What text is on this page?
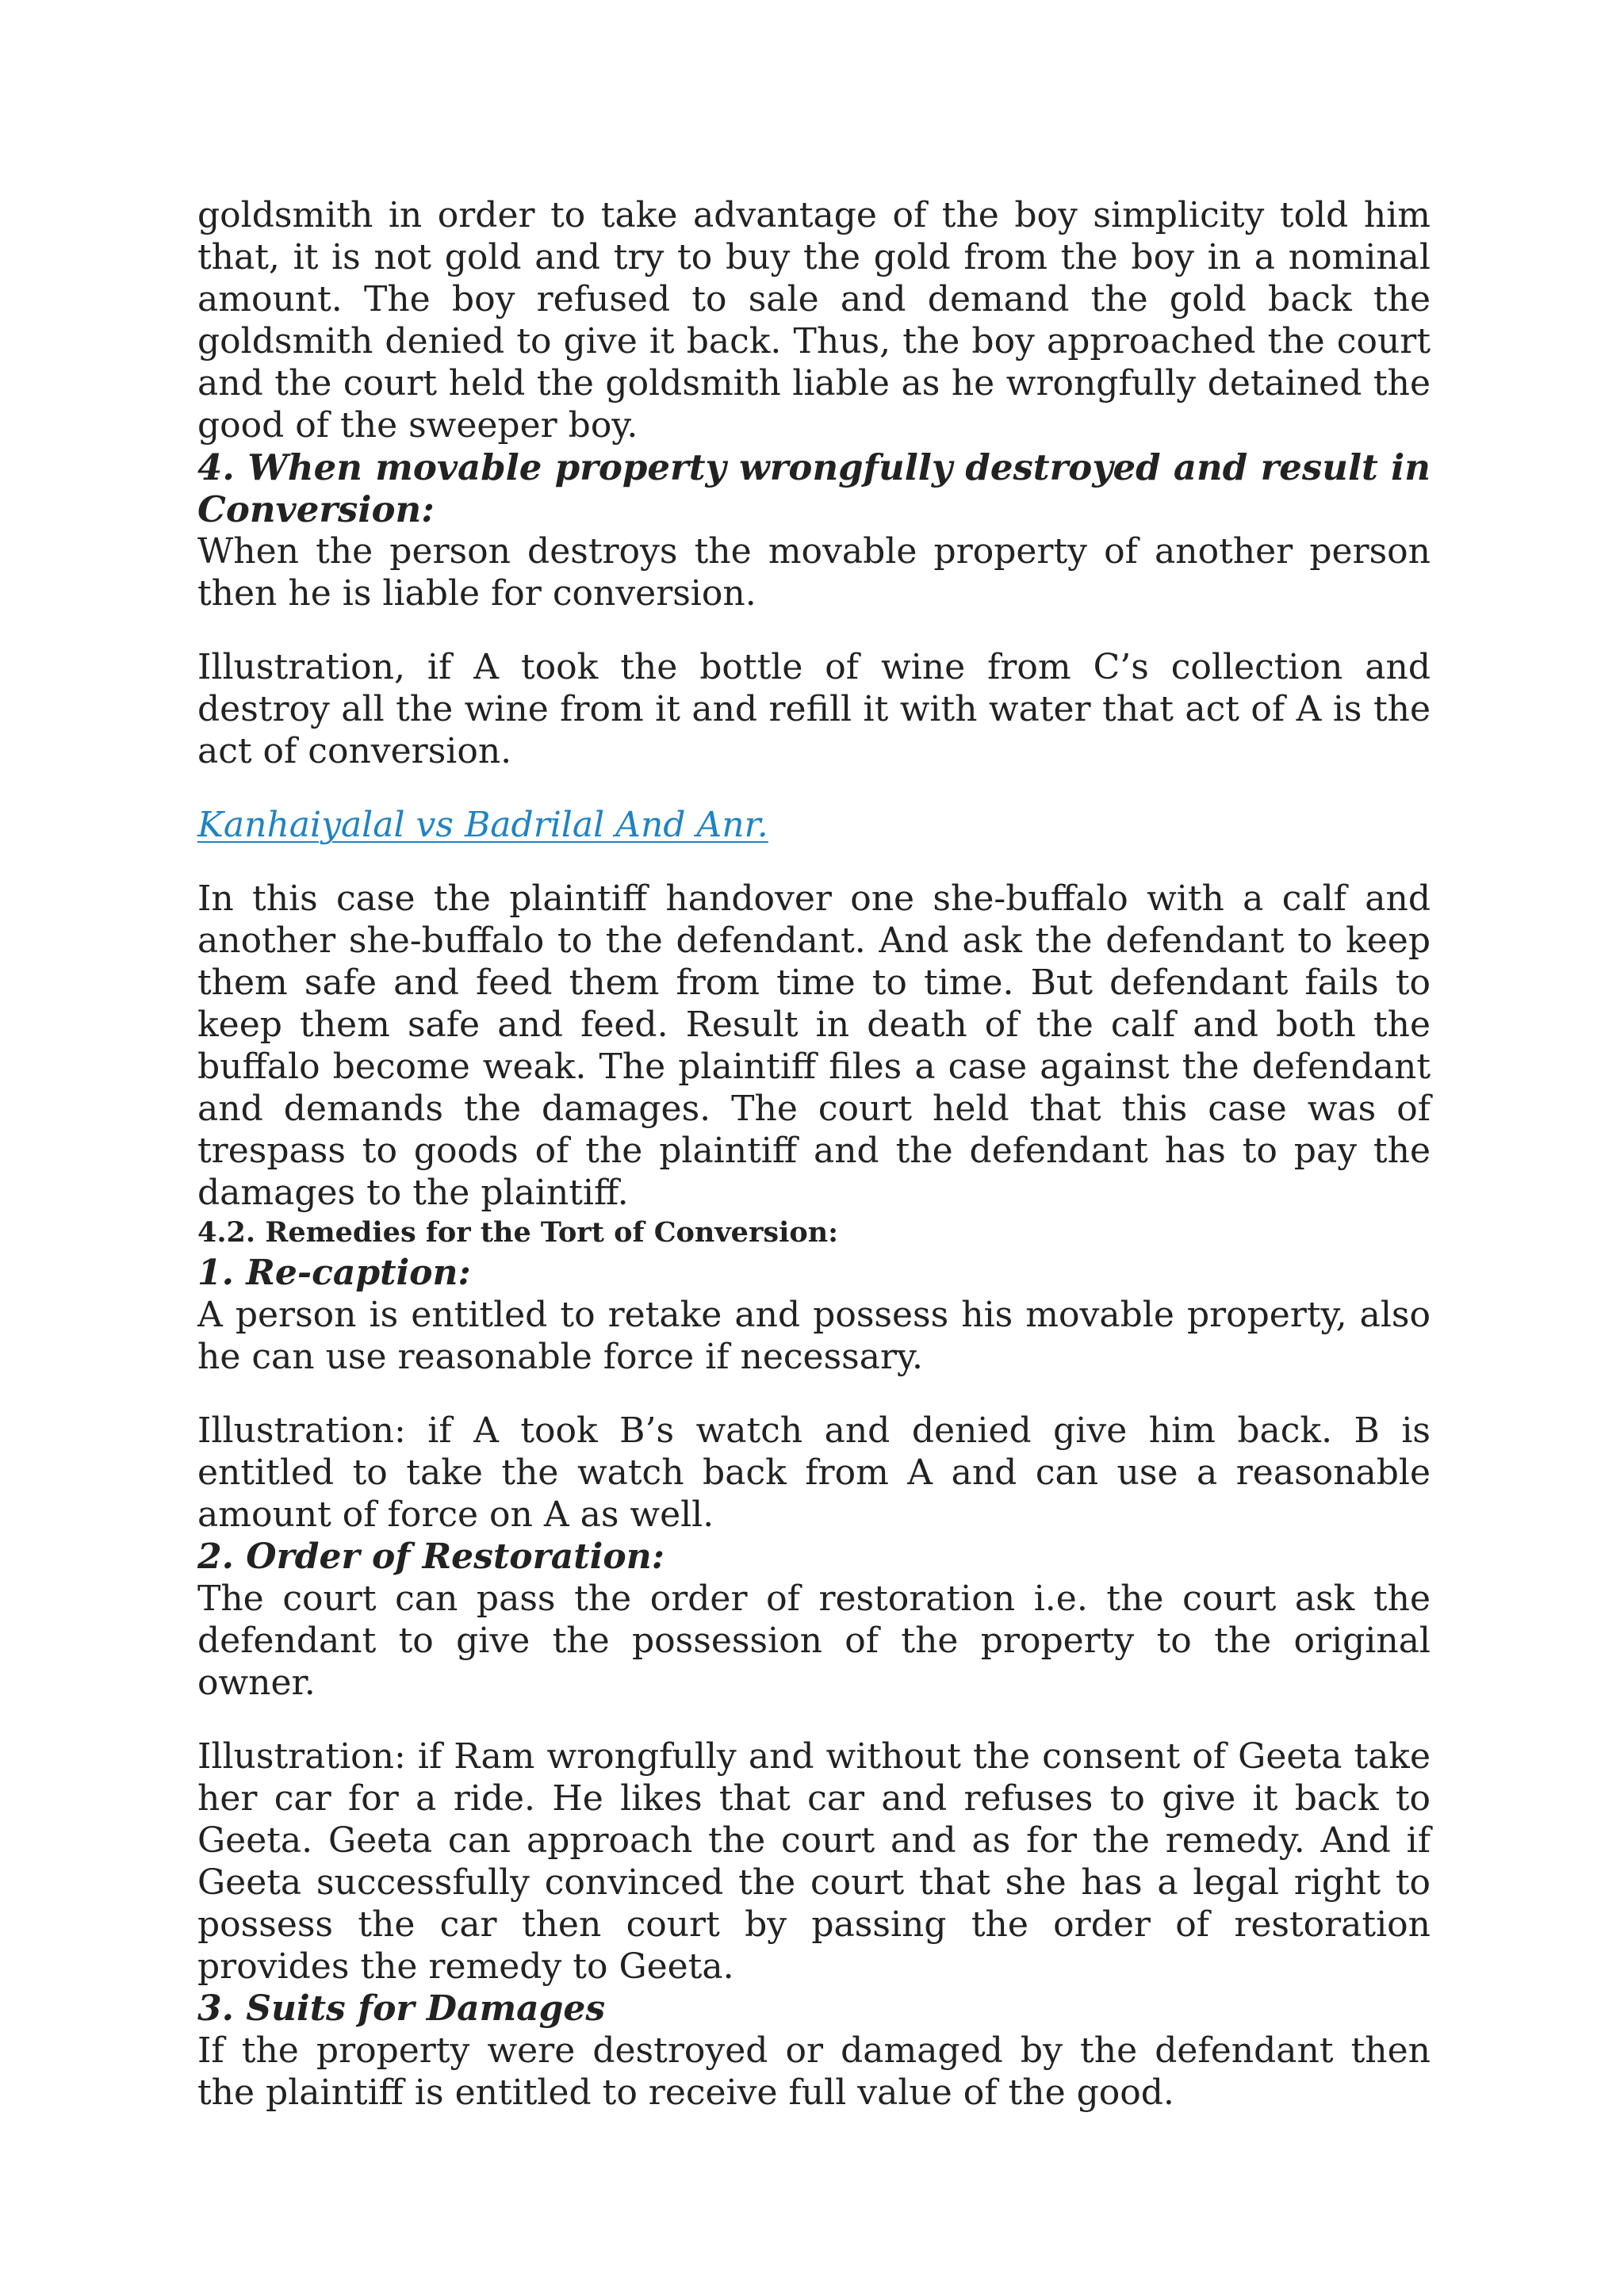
goldsmith in order to take advantage of the boy simplicity told him that, it is not gold and try to buy the gold from the boy in a nominal amount. The boy refused to sale and demand the gold back the goldsmith denied to give it back. Thus, the boy approached the court and the court held the goldsmith liable as he wrongfully detained the good of the sweeper boy.

4. When movable property wrongfully destroyed and result in Conversion:

When the person destroys the movable property of another person then he is liable for conversion.

Illustration, if A took the bottle of wine from C’s collection and destroy all the wine from it and refill it with water that act of A is the act of conversion.

Kanhaiyalal vs Badrilal And Anr.

In this case the plaintiff handover one she-buffalo with a calf and another she-buffalo to the defendant. And ask the defendant to keep them safe and feed them from time to time. But defendant fails to keep them safe and feed. Result in death of the calf and both the buffalo become weak. The plaintiff files a case against the defendant and demands the damages. The court held that this case was of trespass to goods of the plaintiff and the defendant has to pay the damages to the plaintiff.

4.2. Remedies for the Tort of Conversion:
1. Re-caption:

A person is entitled to retake and possess his movable property, also he can use reasonable force if necessary.

Illustration: if A took B’s watch and denied give him back. B is entitled to take the watch back from A and can use a reasonable amount of force on A as well.

2. Order of Restoration:

The court can pass the order of restoration i.e. the court ask the defendant to give the possession of the property to the original owner.

Illustration: if Ram wrongfully and without the consent of Geeta take her car for a ride. He likes that car and refuses to give it back to Geeta. Geeta can approach the court and as for the remedy. And if Geeta successfully convinced the court that she has a legal right to possess the car then court by passing the order of restoration provides the remedy to Geeta.

3. Suits for Damages

If the property were destroyed or damaged by the defendant then the plaintiff is entitled to receive full value of the good.
